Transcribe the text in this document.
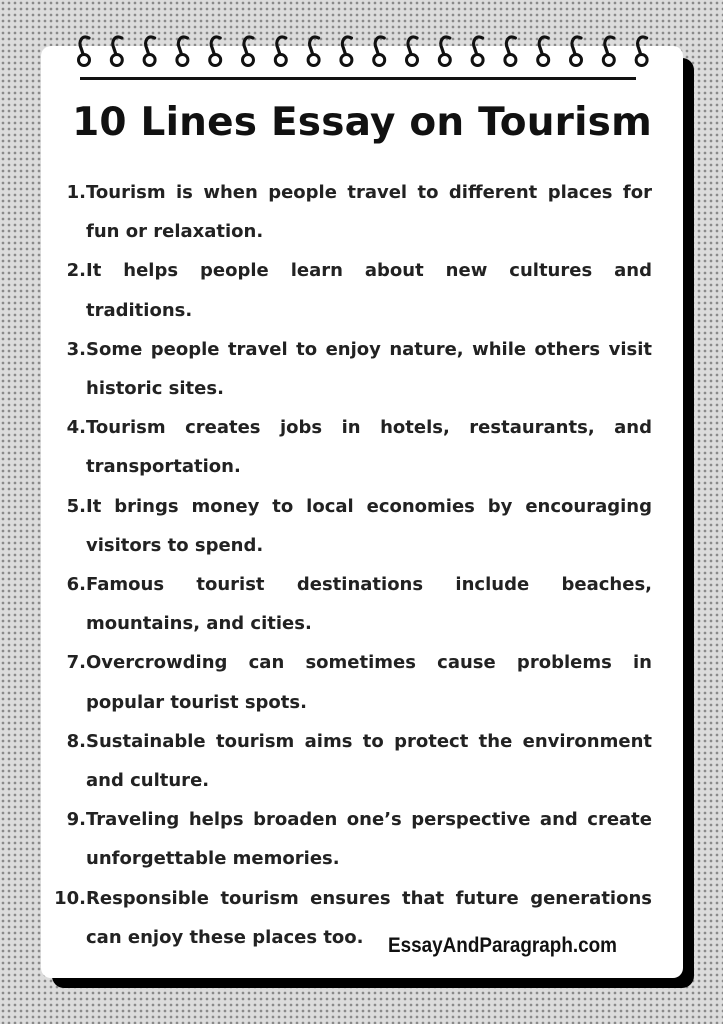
10 Lines Essay on Tourism
1. Tourism is when people travel to different places for fun or relaxation.
2. It helps people learn about new cultures and traditions.
3. Some people travel to enjoy nature, while others visit historic sites.
4. Tourism creates jobs in hotels, restaurants, and transportation.
5. It brings money to local economies by encouraging visitors to spend.
6. Famous tourist destinations include beaches, mountains, and cities.
7. Overcrowding can sometimes cause problems in popular tourist spots.
8. Sustainable tourism aims to protect the environment and culture.
9. Traveling helps broaden one’s perspective and create unforgettable memories.
10. Responsible tourism ensures that future generations can enjoy these places too.	EssayAndParagraph.com
